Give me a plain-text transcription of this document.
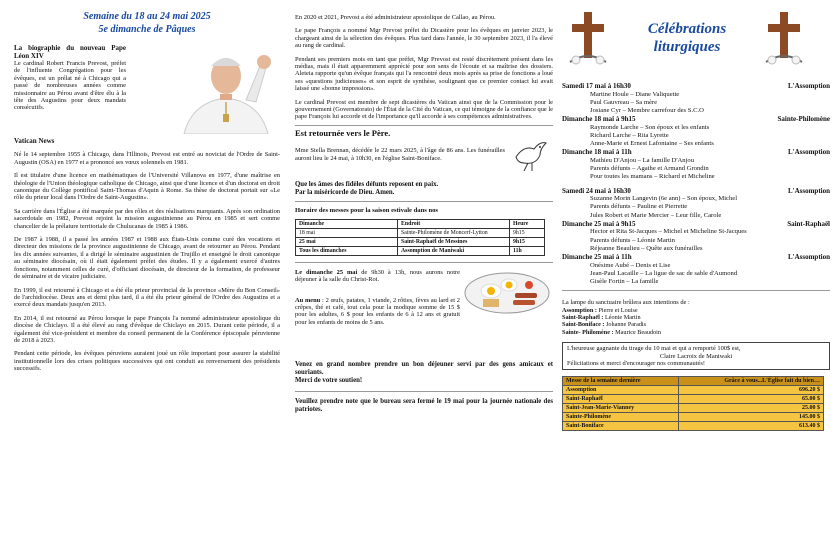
Semaine du 18 au 24 mai 2025
5e dimanche de Pâques

La biographie du nouveau Pape Léon XIV

Le cardinal Robert Francis Prevost, préfet de l'influente Congrégation pour les évêques, est un prélat né à Chicago qui a passé de nombreuses années comme missionnaire au Pérou avant d'être élu à la tête des Augustins pour deux mandats consécutifs.

Vatican News

Né le 14 septembre 1955 à Chicago, dans l'Illinois, Prevost est entré au noviciat de l'Ordre de Saint-Augustin (OSA) en 1977 et a prononcé ses vœux solennels en 1981.

Il est titulaire d'une licence en mathématiques de l'Université Villanova en 1977, d'une maîtrise en théologie de l'Union théologique catholique de Chicago, ainsi que d'une licence et d'un doctorat en droit canonique du Collège pontifical Saint-Thomas d'Aquin à Rome. Sa thèse de doctorat portait sur «Le rôle du prieur local dans l'Ordre de Saint-Augustin».

Sa carrière dans l'Église a été marquée par des rôles et des réalisations marquants. Après son ordination sacerdotale en 1982, Prevost rejoint la mission augustinienne au Pérou en 1985 et sert comme chancelier de la prélature territoriale de Chulucanas de 1985 à 1986.

De 1987 à 1988, il a passé les années 1987 et 1988 aux États-Unis comme curé des vocations et directeur des missions de la province augustinienne de Chicago, avant de retourner au Pérou. Pendant les dix années suivantes, il a dirigé le séminaire augustinien de Trujillo et enseigné le droit canonique au séminaire diocésain, où il était également préfet des études. Il y a également exercé d'autres fonctions, notamment celles de curé, d'officiant diocésain, de directeur de la formation, de professeur de séminaire et de vicaire judiciaire.

En 1999, il est retourné à Chicago et a été élu prieur provincial de la province «Mère du Bon Conseil» de l'archidiocèse. Deux ans et demi plus tard, il a été élu prieur général de l'Ordre des Augustins et a exercé deux mandats jusqu'en 2013.

En 2014, il est retourné au Pérou lorsque le pape François l'a nommé administrateur apostolique du diocèse de Chiclayo. Il a été élevé au rang d'évêque de Chiclayo en 2015. Durant cette période, il a également été vice-président et membre du conseil permanent de la Conférence épiscopale péruvienne de 2018 à 2023.

Pendant cette période, les évêques péruviens auraient joué un rôle important pour assurer la stabilité institutionnelle lors des crises politiques successives qui ont conduit au renversement des présidents successifs.

En 2020 et 2021, Prevost a été administrateur apostolique de Callao, au Pérou.

Le pape François a nommé Mgr Prevost préfet du Dicastère pour les évêques en janvier 2023, le chargeant ainsi de la sélection des évêques. Plus tard dans l'année, le 30 septembre 2023, il l'a élevé au rang de cardinal.

Pendant ses premiers mois en tant que préfet, Mgr Prevost est resté discrètement présent dans les médias, mais il était apparemment apprécié pour son sens de l'écoute et sa maîtrise des dossiers. Aleteia rapporte qu'un évêque français qui l'a rencontré deux mois après sa prise de fonctions a loué ses «questions judicieuses» et son esprit de synthèse, soulignant que ce premier contact lui avait laissé une «bonne impression».

Le cardinal Prevost est membre de sept dicastères du Vatican ainsi que de la Commission pour le gouvernement (Governatorato) de l'État de la Cité du Vatican, ce qui témoigne de la confiance que le pape François lui accorde et de l'importance qu'il accorde à ses compétences administratives.

Est retournée vers le Père.

Mme Stella Brennan, décédée le 22 mars 2025, à l'âge de 86 ans. Les funérailles auront lieu le 24 mai, à 10h30, en l'église Saint-Boniface.

Que les âmes des fidèles défunts reposent en paix.

Par la miséricorde de Dieu. Amen.

Horaire des messes pour la saison estivale dans nos

Dimanche	Endroit	Heure
18 mai	Sainte-Philomène de Moncerf-Lytton	9h15
25 mai	Saint-Raphaël de Messines	9h15
Tous les dimanches	Assomption de Maniwaki	11h

Le dimanche 25 mai de 9h30 à 13h, nous aurons notre déjeuner à la salle du Christ-Roi.

Au menu : 2 œufs, patates, 1 viande, 2 rôties, fèves au lard et 2 crêpes, thé et café, tout cela pour la modique somme de 15 $ pour les adultes, 6 $ pour les enfants de 6 à 12 ans et gratuit pour les enfants de moins de 5 ans.

Venez en grand nombre prendre un bon déjeuner servi par des gens amicaux et souriants.

Merci de votre soutien!

Veuillez prendre note que le bureau sera fermé le 19 mai pour la journée nationale des patriotes.

Célébrations
liturgiques
Samedi 17 mai à 16h30	L'Assomption
Martine Houle – Diane Valiquette
Paul Gauvreau – Sa mère
Josiane Cyr – Membre carrefour des S.C.O
Dimanche 18 mai à 9h15	Sainte-Philomène
Raymonde Larche – Son époux et les enfants
Richard Larche – Rita Lyrette
Anne-Marie et Ernest Lafontaine – Ses enfants
Dimanche 18 mai à 11h	L'Assomption
Mathieu D'Anjou – La famille D'Anjou
Parents défunts – Agathe et Armand Grondin
Pour toutes les mamans – Richard et Micheline
Samedi 24 mai à 16h30	L'Assomption
Suzanne Morin Langevin (6e ann) – Son époux, Michel
Parents défunts – Pauline et Pierrette
Jules Robert et Marie Mercier – Leur fille, Carole
Dimanche 25 mai à 9h15	Saint-Raphaël
Hector et Rita St-Jacques – Michel et Micheline St-Jacques
Parents défunts – Léonie Martin
Réjeanne Beaulieu – Quête aux funérailles
Dimanche 25 mai à 11h	L'Assomption
Onésime Aubé – Denis et Lise
Jean-Paul Lacaille – La ligue de sac de sable d'Aumond
Gisèle Fortin – La famille

La lampe du sanctuaire brûlera aux intentions de :

Assomption : Pierre et Louise

Saint-Raphaël : Léonie Martin

Saint-Boniface : Johanne Paradis

Sainte- Philomène : Maurice Beaudoin

L'heureuse gagnante du tirage du 10 mai et qui a remporté 100$ est,

Claire Lacroix de Maniwaki

Félicitations et merci d'encourager nos communautés!

Messe de la semaine dernière	Grâce à vous...L'Église fait du bien…
Assomption	696.20 $
Saint-Raphaël	65.00 $
Saint-Jean-Marie-Vianney	25.00 $
Sainte-Philomène	145.00 $
Saint-Boniface	613.40 $
